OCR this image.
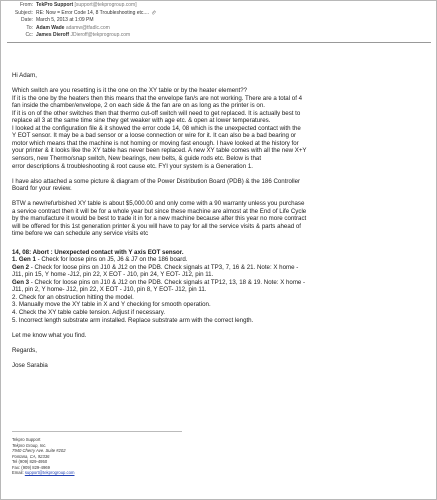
From: TekPro Support [support@tekprogroup.com]
Subject: RE: Now = Error Code 14, 8 Troubleshooting etc....
Date: March 5, 2013 at 1:09 PM
To: Adam Wade adamw@tfadlc.com
Cc: James Dieroff JDieroff@tekprogroup.com

Hi Adam,

Which switch are you resetting is it the one on the XY table or by the heater element??

If it is the one by the heaters then this means that the envelope fan/s are not working. There are a total of 4

fan inside the chamber/envelope, 2 on each side & the fan are on as long as the printer is on.

If it is on of the other switches then that thermo cut-off switch will need to get replaced. It is actually best to

replace all 3 at the same time sine they get weaker with age etc. & open at lower temperatures.

I looked at the configuration file & it showed the error code 14, 08 which is the unexpected contact with the

Y EOT sensor. It may be a bad sensor or a loose connection or wire for it. It can also be a bad bearing or

motor which means that the machine is not homing or moving fast enough. I have looked at the history for

your printer & it looks like the XY table has never been replaced. A new XY table comes with all the new X+Y

sensors, new Thermo/snap switch, New bearings, new belts, & guide rods etc. Below is that

error descriptions & troubleshooting & root cause etc. FYI your system is a Generation 1.

I have also attached a some picture & diagram of the Power Distribution Board (PDB) & the 186 Controller

Board for your review.

BTW a new/refurbished XY table is about $5,000.00 and only come with a 90 warranty unless you purchase

a service contract then it will be for a whole year but since these machine are almost at the End of Life Cycle

by the manufacture it would be best to trade it in for a new machine because after this year no more contract

will be offered for this 1st generation printer & you will have to pay for all the service visits & parts ahead of

time before we can schedule any service visits etc

14, 08: Abort : Unexpected contact with Y axis EOT sensor.

1. Gen 1 - Check for loose pins on J5, J6 & J7 on the 186 board.

Gen 2 - Check for loose pins on J10 & J12 on the PDB. Check signals at TP3, 7, 16 & 21. Note: X home -

J11, pin 15, Y home -J12, pin 22, X EOT - J10, pin 24, Y EOT- J12, pin 11.

Gen 3 - Check for loose pins on J10 & J12 on the PDB. Check signals at TP12, 13, 18 & 19. Note: X home -

J11, pin 2, Y home- J12, pin 22, X EOT - J10, pin 8, Y EOT- J12, pin 11.

2. Check for an obstruction hitting the model.

3. Manually move the XY table in X and Y checking for smooth operation.

4. Check the XY table cable tension. Adjust if necessary.

5. Incorrect length substrate arm installed. Replace substrate arm with the correct length.

Let me know what you find.

Regards,

Jose Sarabia

Tekpro Support
Tekpro Group, Inc.
7940 Cherry Ave. Suite #202
Fontana, CA, 92336
Tel (909) 829-4950
Fax: (909) 829-4969
Email: support@tekprogroup.com
